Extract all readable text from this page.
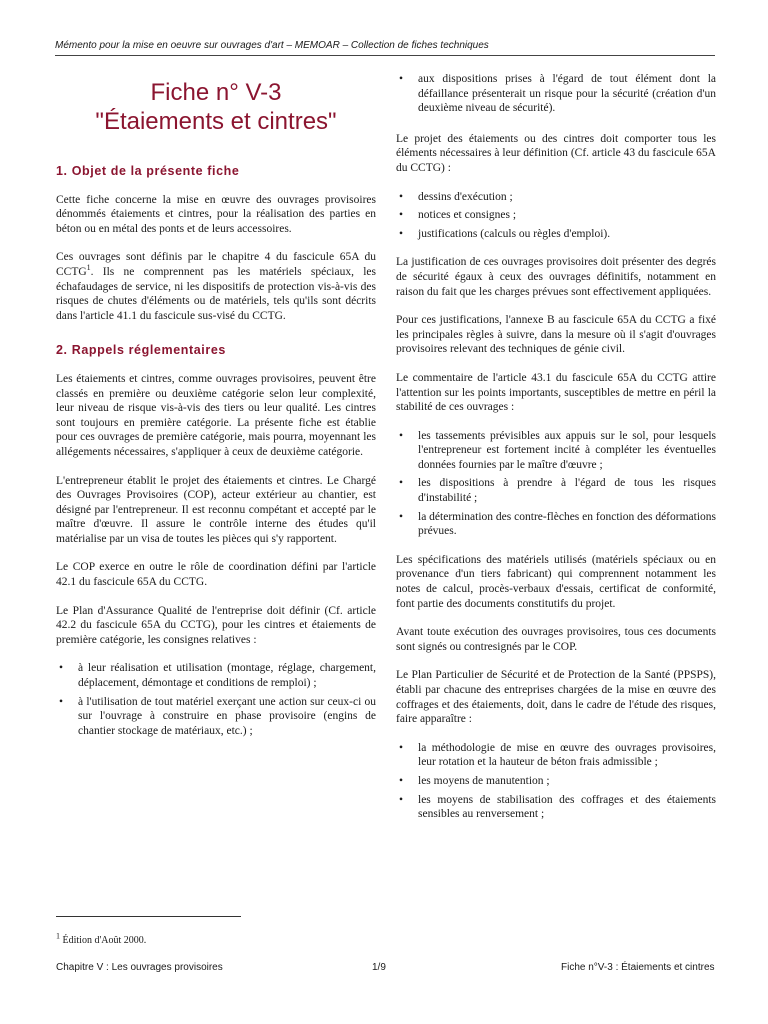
Mémento pour la mise en oeuvre sur ouvrages d'art – MEMOAR – Collection de fiches techniques
Fiche n° V-3
"Étaiements et cintres"
1. Objet de la présente fiche

Cette fiche concerne la mise en œuvre des ouvrages provisoires dénommés étaiements et cintres, pour la réalisation des parties en béton ou en métal des ponts et de leurs accessoires.

Ces ouvrages sont définis par le chapitre 4 du fascicule 65A du CCTG$^1$. Ils ne comprennent pas les matériels spéciaux, les échafaudages de service, ni les dispositifs de protection vis-à-vis des risques de chutes d'éléments ou de matériels, tels qu'ils sont décrits dans l'article 41.1 du fascicule sus-visé du CCTG.

2. Rappels réglementaires

Les étaiements et cintres, comme ouvrages provisoires, peuvent être classés en première ou deuxième catégorie selon leur complexité, leur niveau de risque vis-à-vis des tiers ou leur qualité. Les cintres sont toujours en première catégorie. La présente fiche est établie pour ces ouvrages de première catégorie, mais pourra, moyennant les allégements nécessaires, s'appliquer à ceux de deuxième catégorie.

L'entrepreneur établit le projet des étaiements et cintres. Le Chargé des Ouvrages Provisoires (COP), acteur extérieur au chantier, est désigné par l'entrepreneur. Il est reconnu compétant et accepté par le maître d'œuvre. Il assure le contrôle interne des études qu'il matérialise par un visa de toutes les pièces qui s'y rapportent.

Le COP exerce en outre le rôle de coordination défini par l'article 42.1 du fascicule 65A du CCTG.

Le Plan d'Assurance Qualité de l'entreprise doit définir (Cf. article 42.2 du fascicule 65A du CCTG), pour les cintres et étaiements de première catégorie, les consignes relatives :

• à leur réalisation et utilisation (montage, réglage, chargement, déplacement, démontage et conditions de remploi) ;
• à l'utilisation de tout matériel exerçant une action sur ceux-ci ou sur l'ouvrage à construire en phase provisoire (engins de chantier stockage de matériaux, etc.) ;
• aux dispositions prises à l'égard de tout élément dont la défaillance présenterait un risque pour la sécurité (création d'un deuxième niveau de sécurité).

Le projet des étaiements ou des cintres doit comporter tous les éléments nécessaires à leur définition (Cf. article 43 du fascicule 65A du CCTG) :

• dessins d'exécution ;
• notices et consignes ;
• justifications (calculs ou règles d'emploi).

La justification de ces ouvrages provisoires doit présenter des degrés de sécurité égaux à ceux des ouvrages définitifs, notamment en raison du fait que les charges prévues sont effectivement appliquées.

Pour ces justifications, l'annexe B au fascicule 65A du CCTG a fixé les principales règles à suivre, dans la mesure où il s'agit d'ouvrages provisoires relevant des techniques de génie civil.

Le commentaire de l'article 43.1 du fascicule 65A du CCTG attire l'attention sur les points importants, susceptibles de mettre en péril la stabilité de ces ouvrages :

• les tassements prévisibles aux appuis sur le sol, pour lesquels l'entrepreneur est fortement incité à compléter les éventuelles données fournies par le maître d'œuvre ;
• les dispositions à prendre à l'égard de tous les risques d'instabilité ;
• la détermination des contre-flèches en fonction des déformations prévues.

Les spécifications des matériels utilisés (matériels spéciaux ou en provenance d'un tiers fabricant) qui comprennent notamment les notes de calcul, procès-verbaux d'essais, certificat de conformité, font partie des documents constitutifs du projet.

Avant toute exécution des ouvrages provisoires, tous ces documents sont signés ou contresignés par le COP.

Le Plan Particulier de Sécurité et de Protection de la Santé (PPSPS), établi par chacune des entreprises chargées de la mise en œuvre des coffrages et des étaiements, doit, dans le cadre de l'étude des risques, faire apparaître :

• la méthodologie de mise en œuvre des ouvrages provisoires, leur rotation et la hauteur de béton frais admissible ;
• les moyens de manutention ;
• les moyens de stabilisation des coffrages et des étaiements sensibles au renversement ;
$^1$ Édition d'Août 2000.
Chapitre V : Les ouvrages provisoires	1/9	Fiche n°V-3 : Étaiements et cintres
